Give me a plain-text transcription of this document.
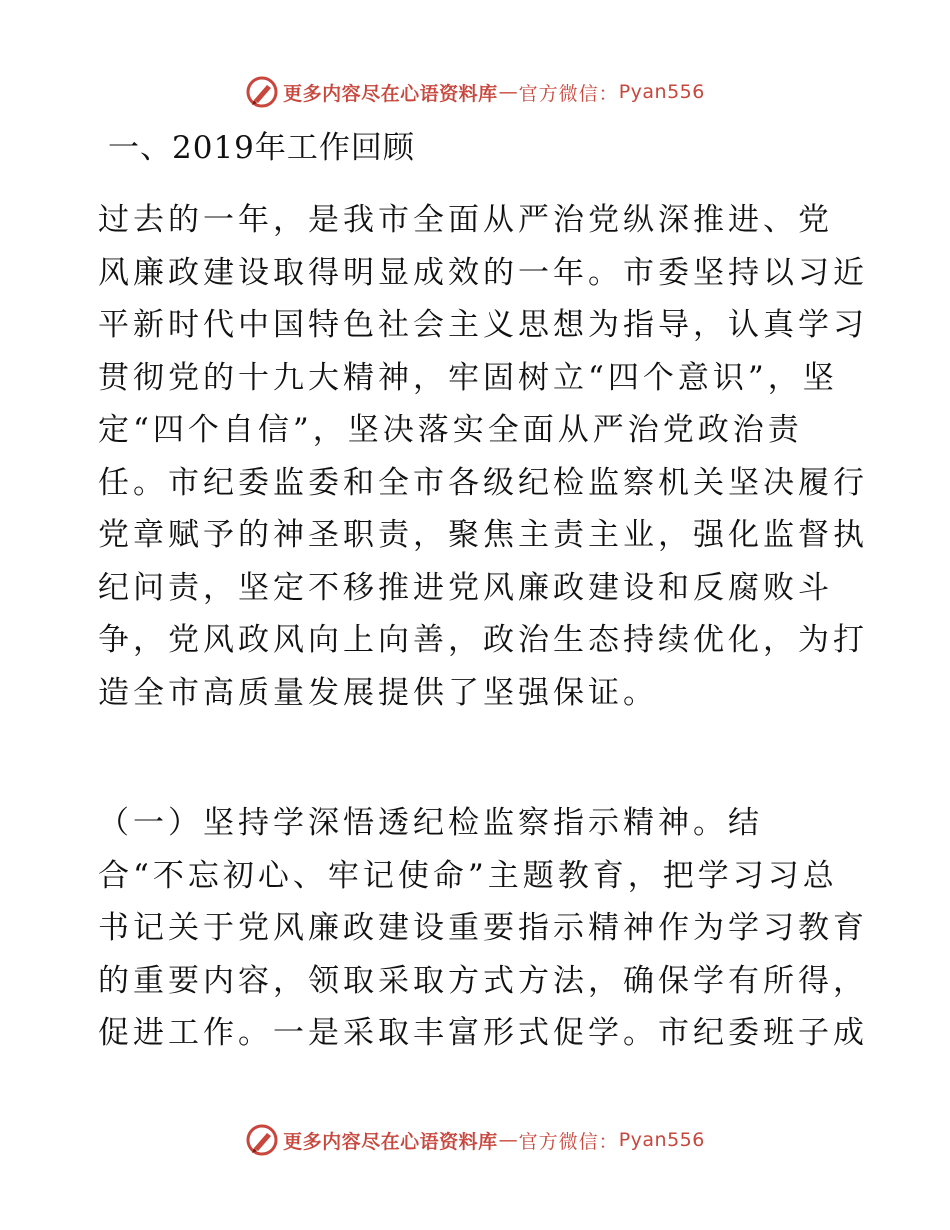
更多内容尽在心语资料库 — 官方微信： Pyan556
一、2019年工作回顾
过去的一年，是我市全面从严治党纵深推进、党
风廉政建设取得明显成效的一年。市委坚持以习近
平新时代中国特色社会主义思想为指导，认真学习
贯彻党的十九大精神，牢固树立“四个意识”，坚
定“四个自信”，坚决落实全面从严治党政治责
任。市纪委监委和全市各级纪检监察机关坚决履行
党章赋予的神圣职责，聚焦主责主业，强化监督执
纪问责，坚定不移推进党风廉政建设和反腐败斗
争，党风政风向上向善，政治生态持续优化，为打
造全市高质量发展提供了坚强保证。
（一）坚持学深悟透纪检监察指示精神。结
合“不忘初心、牢记使命”主题教育，把学习习总
书记关于党风廉政建设重要指示精神作为学习教育
的重要内容，领取采取方式方法，确保学有所得，
促进工作。一是采取丰富形式促学。市纪委班子成
更多内容尽在心语资料库 — 官方微信： Pyan556
